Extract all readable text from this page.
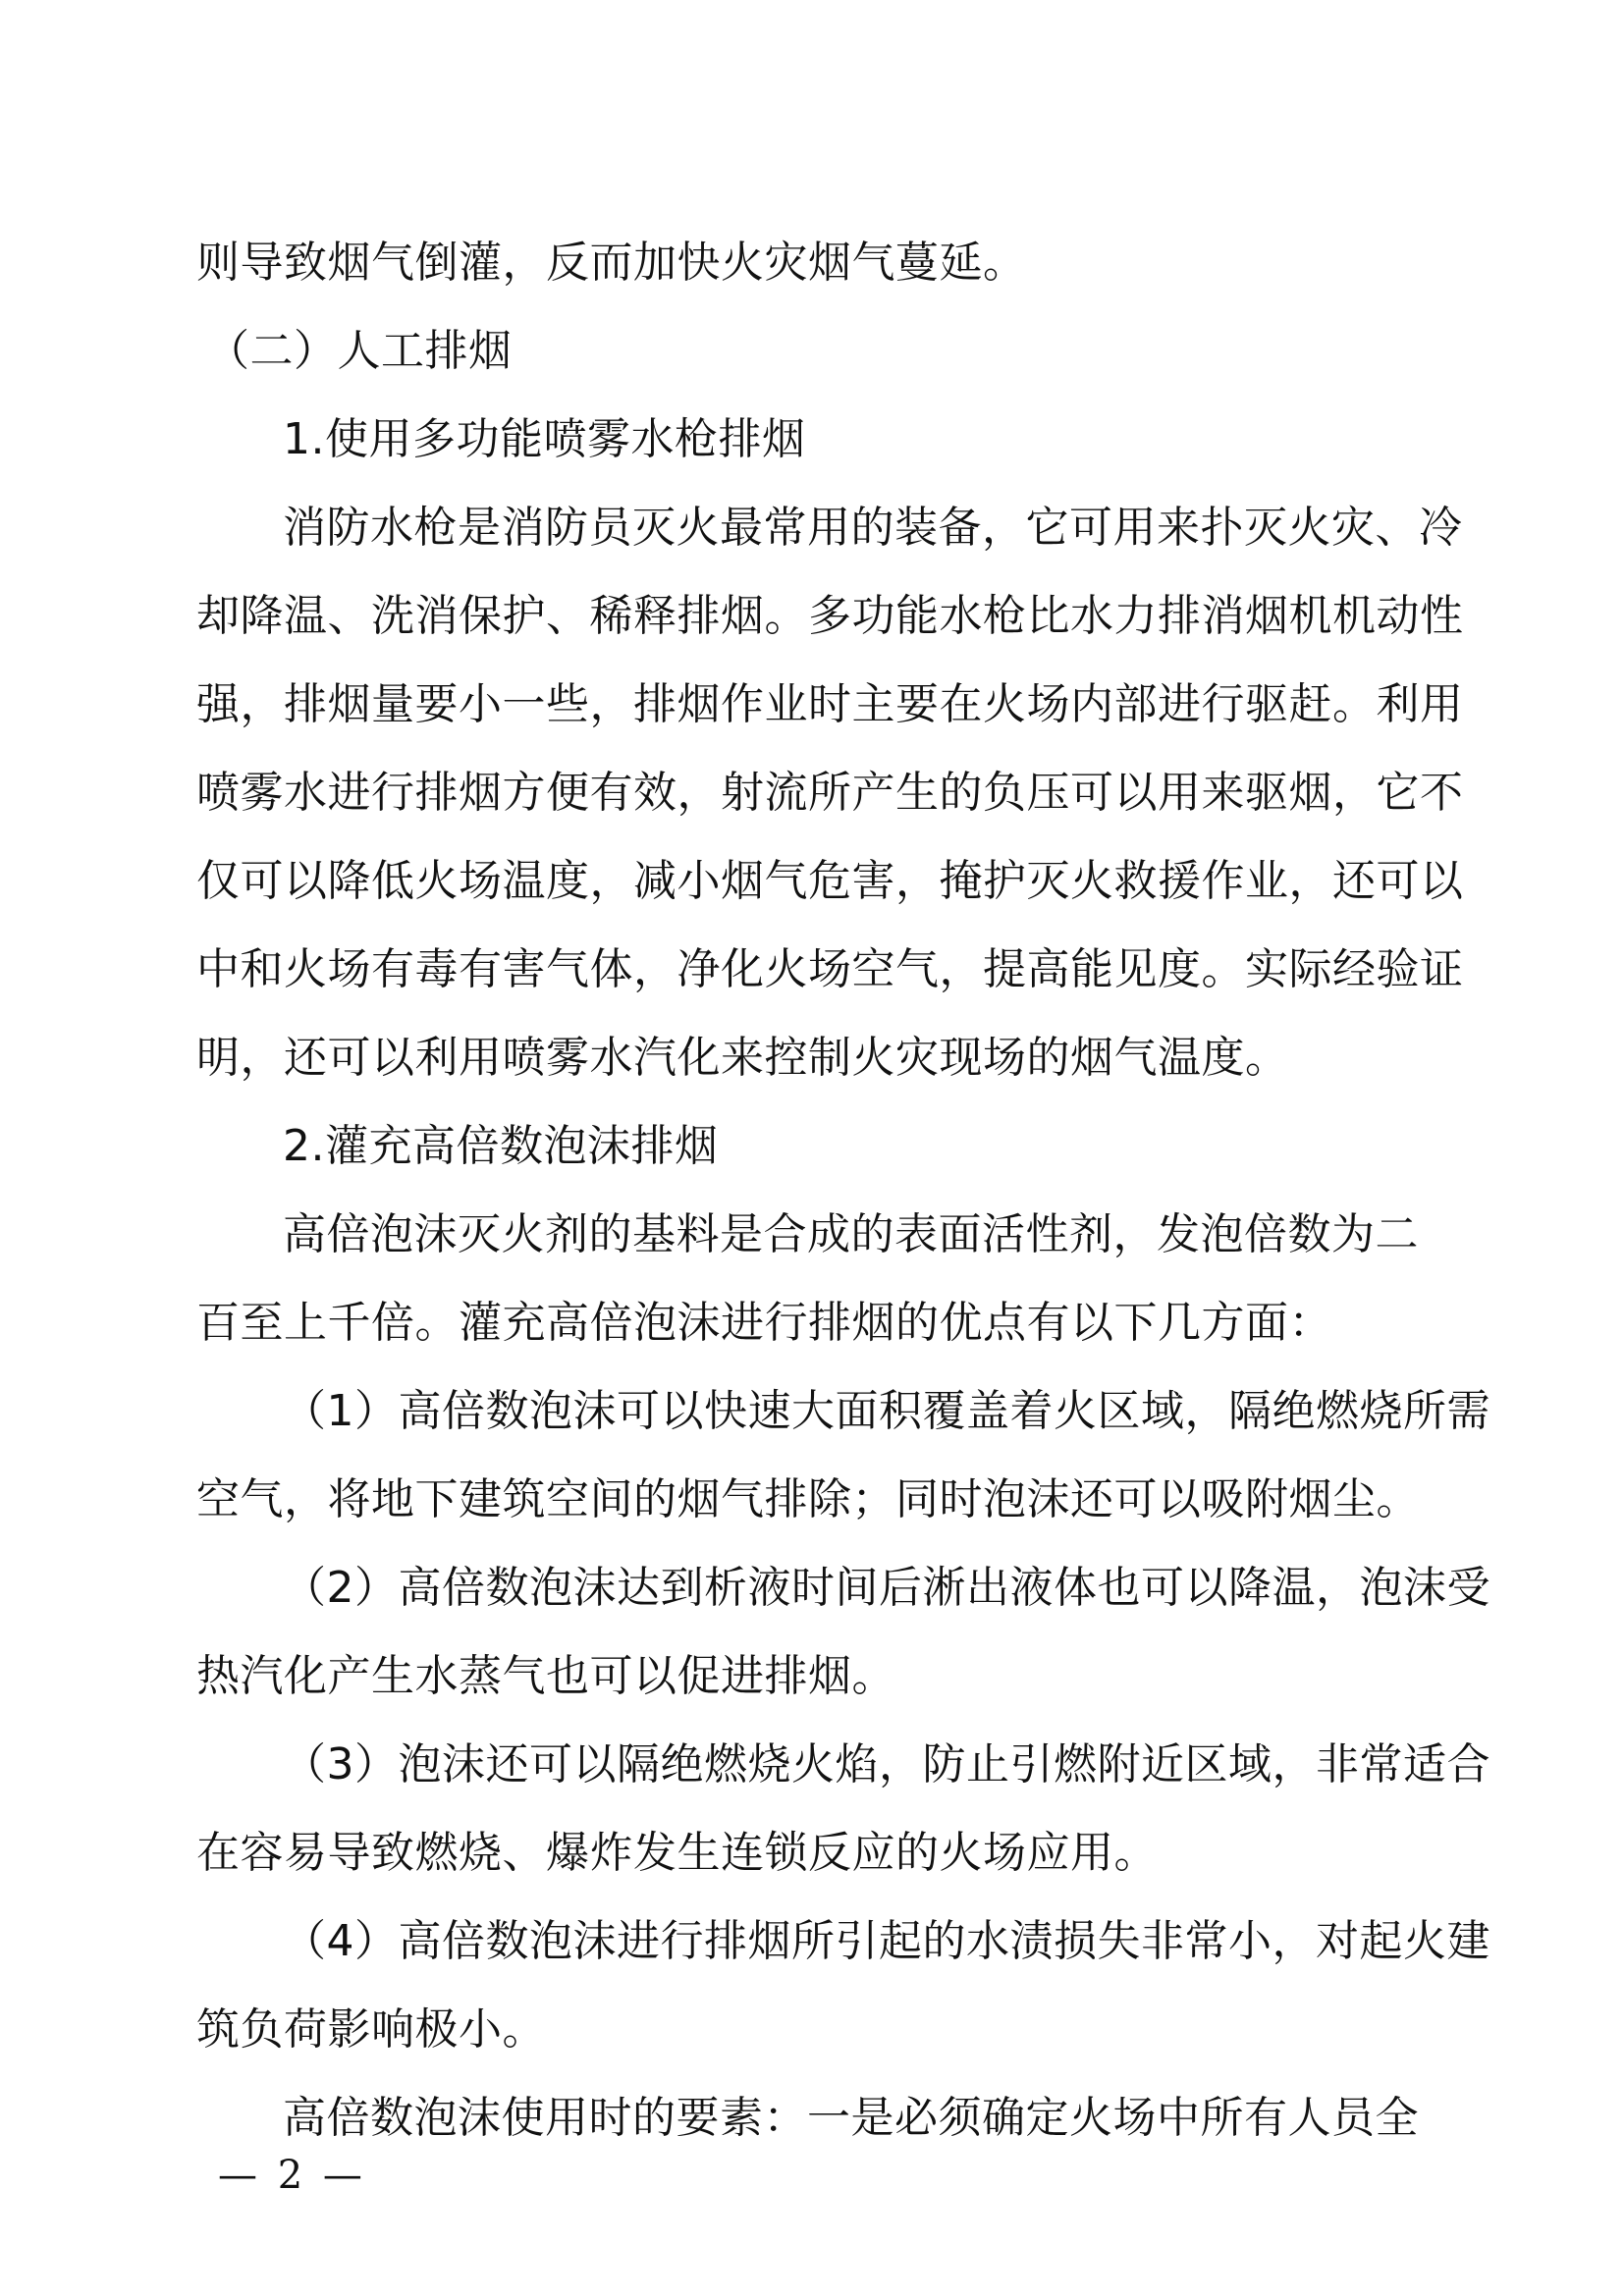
则导致烟气倒灌，反而加快火灾烟气蔓延。
（二）人工排烟
1.使用多功能喷雾水枪排烟
消防水枪是消防员灭火最常用的装备，它可用来扑灭火灾、冷
却降温、洗消保护、稀释排烟。多功能水枪比水力排消烟机机动性
强，排烟量要小一些，排烟作业时主要在火场内部进行驱赶。利用
喷雾水进行排烟方便有效，射流所产生的负压可以用来驱烟，它不
仅可以降低火场温度，减小烟气危害，掩护灭火救援作业，还可以
中和火场有毒有害气体，净化火场空气，提高能见度。实际经验证
明，还可以利用喷雾水汽化来控制火灾现场的烟气温度。
2.灌充高倍数泡沫排烟
高倍泡沫灭火剂的基料是合成的表面活性剂，发泡倍数为二
百至上千倍。灌充高倍泡沫进行排烟的优点有以下几方面：
（1）高倍数泡沫可以快速大面积覆盖着火区域，隔绝燃烧所需
空气，将地下建筑空间的烟气排除；同时泡沫还可以吸附烟尘。
（2）高倍数泡沫达到析液时间后淅出液体也可以降温，泡沫受
热汽化产生水蒸气也可以促进排烟。
（3）泡沫还可以隔绝燃烧火焰，防止引燃附近区域，非常适合
在容易导致燃烧、爆炸发生连锁反应的火场应用。
（4）高倍数泡沫进行排烟所引起的水渍损失非常小，对起火建
筑负荷影响极小。
高倍数泡沫使用时的要素：一是必须确定火场中所有人员全
— 2 —
